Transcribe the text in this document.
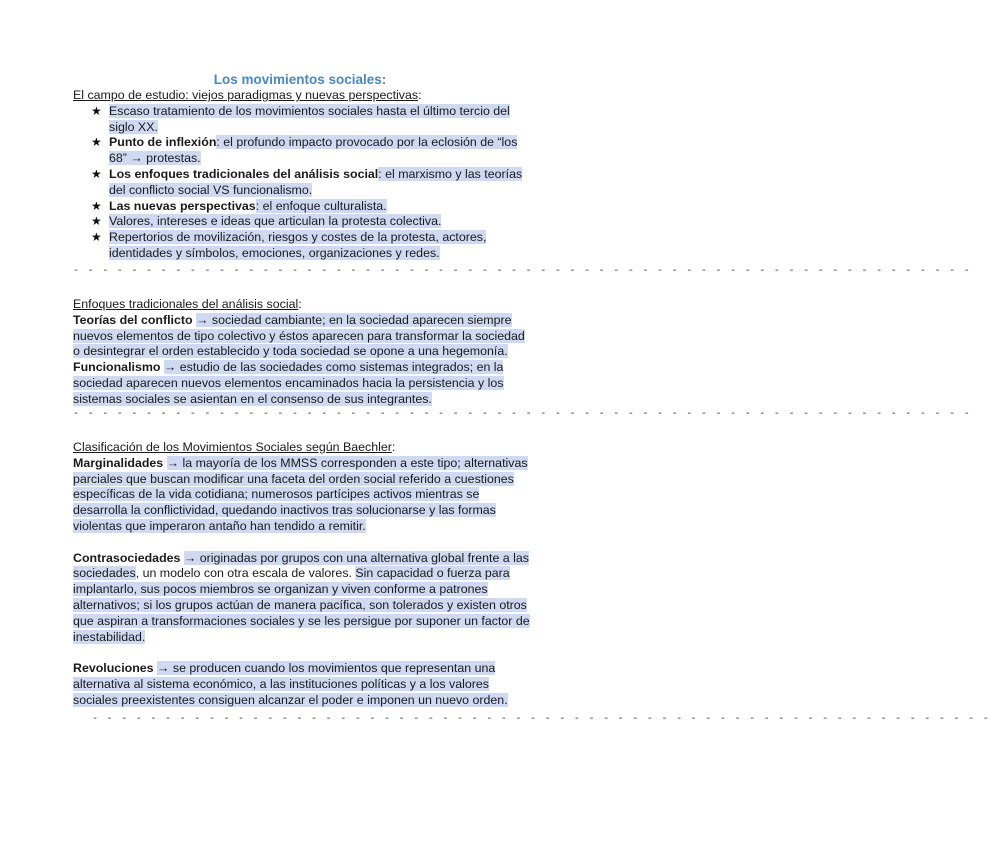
Los movimientos sociales:

El campo de estudio: viejos paradigmas y nuevas perspectivas:

★ Escaso tratamiento de los movimientos sociales hasta el último tercio del siglo XX.
★ Punto de inflexión: el profundo impacto provocado por la eclosión de “los 68” → protestas.
★ Los enfoques tradicionales del análisis social: el marxismo y las teorías del conflicto social VS funcionalismo.
★ Las nuevas perspectivas: el enfoque culturalista.
★ Valores, intereses e ideas que articulan la protesta colectiva.
★ Repertorios de movilización, riesgos y costes de la protesta, actores, identidades y símbolos, emociones, organizaciones y redes.
- - - - - - - - - - - - - - - - - - - - - - - - - - - - - - - - - - - - - - - - - - - - - - - - - - - - - - - - - - - - - -

Enfoques tradicionales del análisis social:

Teorías del conflicto → sociedad cambiante; en la sociedad aparecen siempre nuevos elementos de tipo colectivo y éstos aparecen para transformar la sociedad o desintegrar el orden establecido y toda sociedad se opone a una hegemonía.

Funcionalismo → estudio de las sociedades como sistemas integrados; en la sociedad aparecen nuevos elementos encaminados hacia la persistencia y los sistemas sociales se asientan en el consenso de sus integrantes.

- - - - - - - - - - - - - - - - - - - - - - - - - - - - - - - - - - - - - - - - - - - - - - - - - - - - - - - - - - - - - -

Clasificación de los Movimientos Sociales según Baechler:

Marginalidades → la mayoría de los MMSS corresponden a este tipo; alternativas parciales que buscan modificar una faceta del orden social referido a cuestiones específicas de la vida cotidiana; numerosos partícipes activos mientras se desarrolla la conflictividad, quedando inactivos tras solucionarse y las formas violentas que imperaron antaño han tendido a remitir.

Contrasociedades → originadas por grupos con una alternativa global frente a las sociedades, un modelo con otra escala de valores. Sin capacidad o fuerza para implantarlo, sus pocos miembros se organizan y viven conforme a patrones alternativos; si los grupos actúan de manera pacífica, son tolerados y existen otros que aspiran a transformaciones sociales y se les persigue por suponer un factor de inestabilidad.

Revoluciones → se producen cuando los movimientos que representan una alternativa al sistema económico, a las instituciones políticas y a los valores sociales preexistentes consiguen alcanzar el poder e imponen un nuevo orden.

- - - - - - - - - - - - - - - - - - - - - - - - - - - - - - - - - - - - - - - - - - - - - - - - - - - - - - - - - - - - - -
